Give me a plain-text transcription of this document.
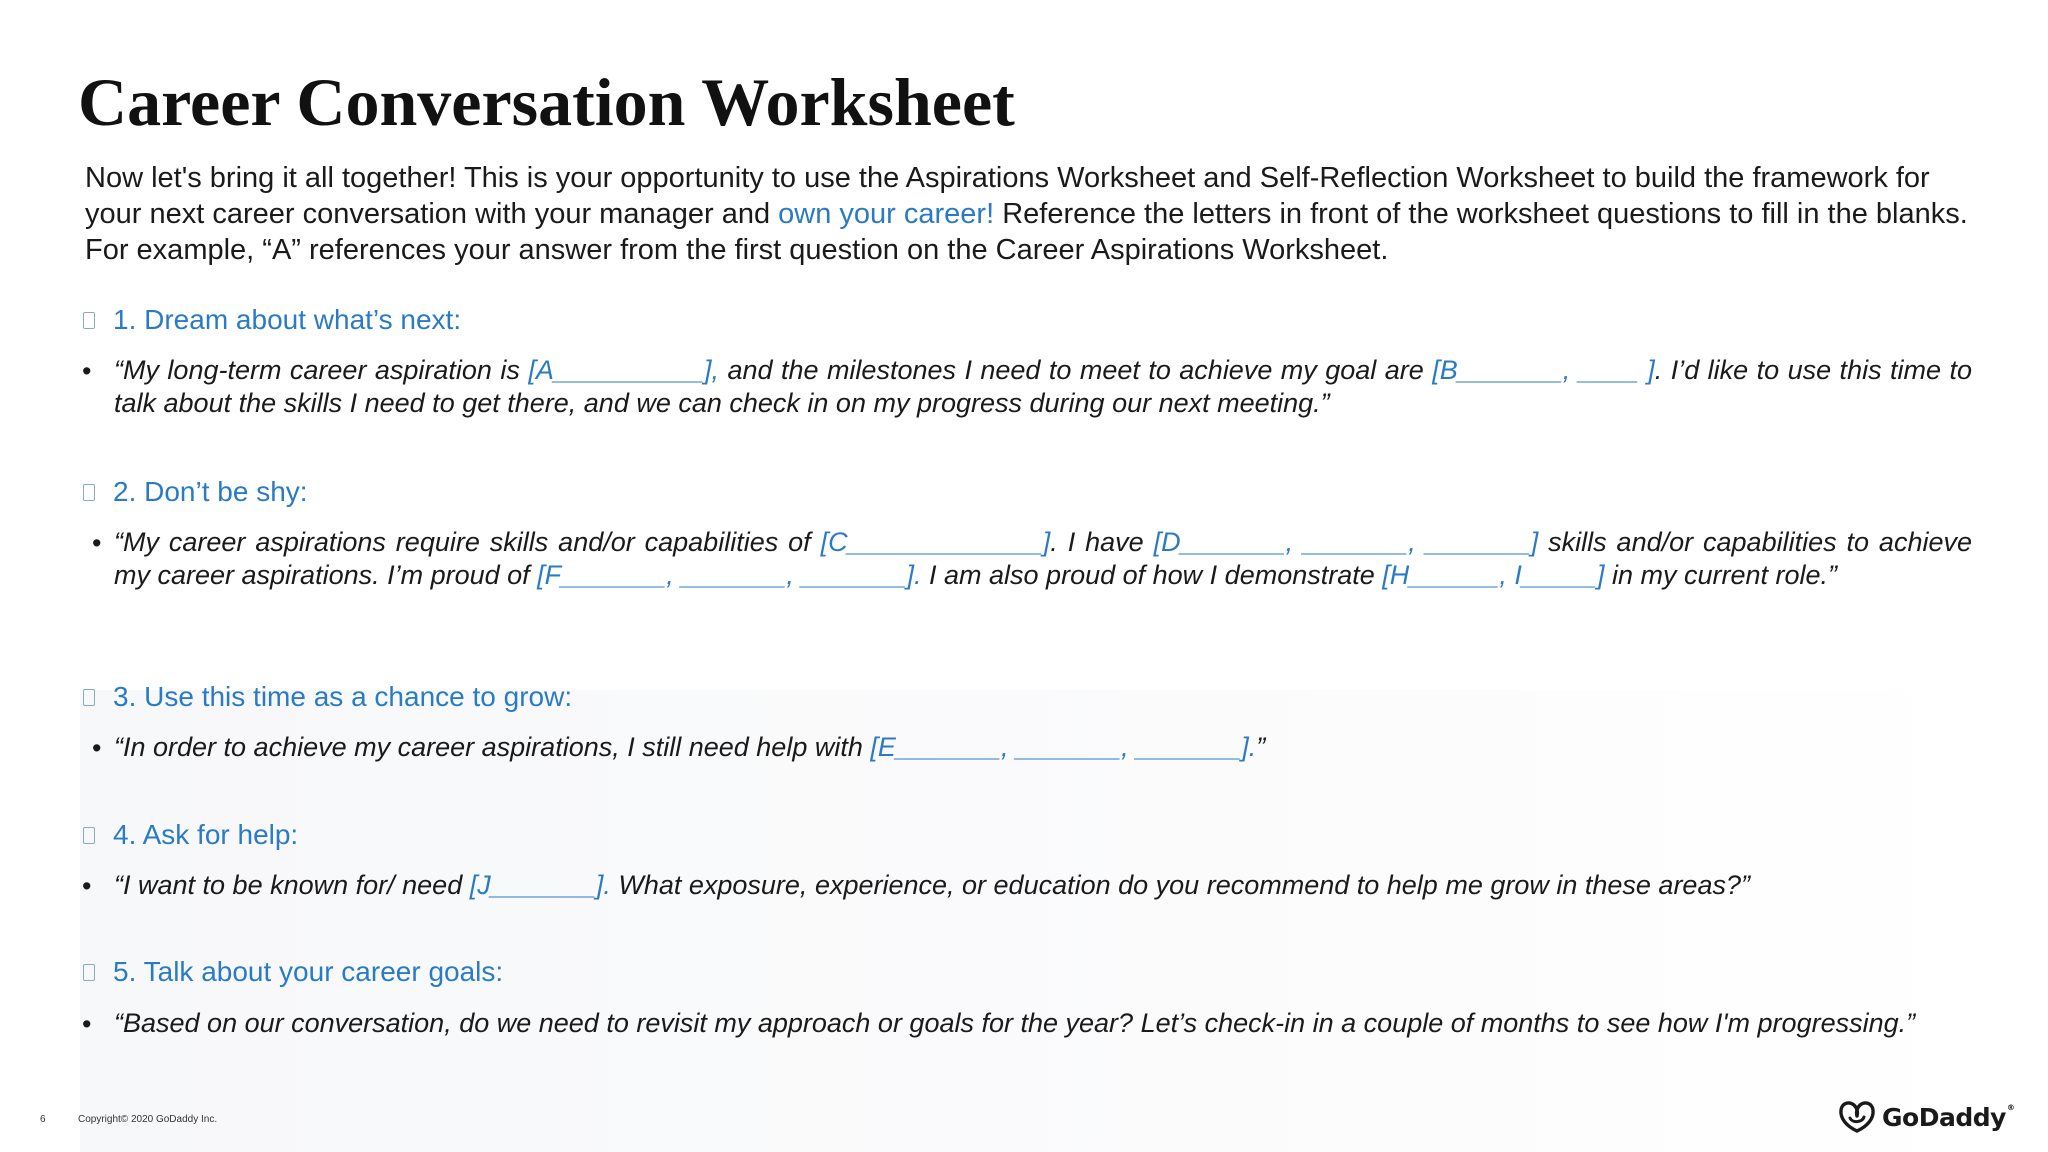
Career Conversation Worksheet

Now let's bring it all together! This is your opportunity to use the Aspirations Worksheet and Self-Reflection Worksheet to build the framework for your next career conversation with your manager and own your career! Reference the letters in front of the worksheet questions to fill in the blanks. For example, “A” references your answer from the first question on the Career Aspirations Worksheet.

1. Dream about what’s next:
• “My long-term career aspiration is [A__________], and the milestones I need to meet to achieve my goal are [B_______, ____ ]. I’d like to use this time to talk about the skills I need to get there, and we can check in on my progress during our next meeting.”

2. Don’t be shy:
• “My career aspirations require skills and/or capabilities of [C_____________]. I have [D_______, _______, _______] skills and/or capabilities to achieve my career aspirations. I’m proud of [F_______, _______, _______]. I am also proud of how I demonstrate [H______, I_____] in my current role.”

3. Use this time as a chance to grow:
• “In order to achieve my career aspirations, I still need help with [E_______, _______, _______].”

4. Ask for help:
• “I want to be known for/ need [J_______]. What exposure, experience, or education do you recommend to help me grow in these areas?”

5. Talk about your career goals:
• “Based on our conversation, do we need to revisit my approach or goals for the year? Let’s check-in in a couple of months to see how I'm progressing.”

6	Copyright© 2020 GoDaddy Inc.	GoDaddy®
